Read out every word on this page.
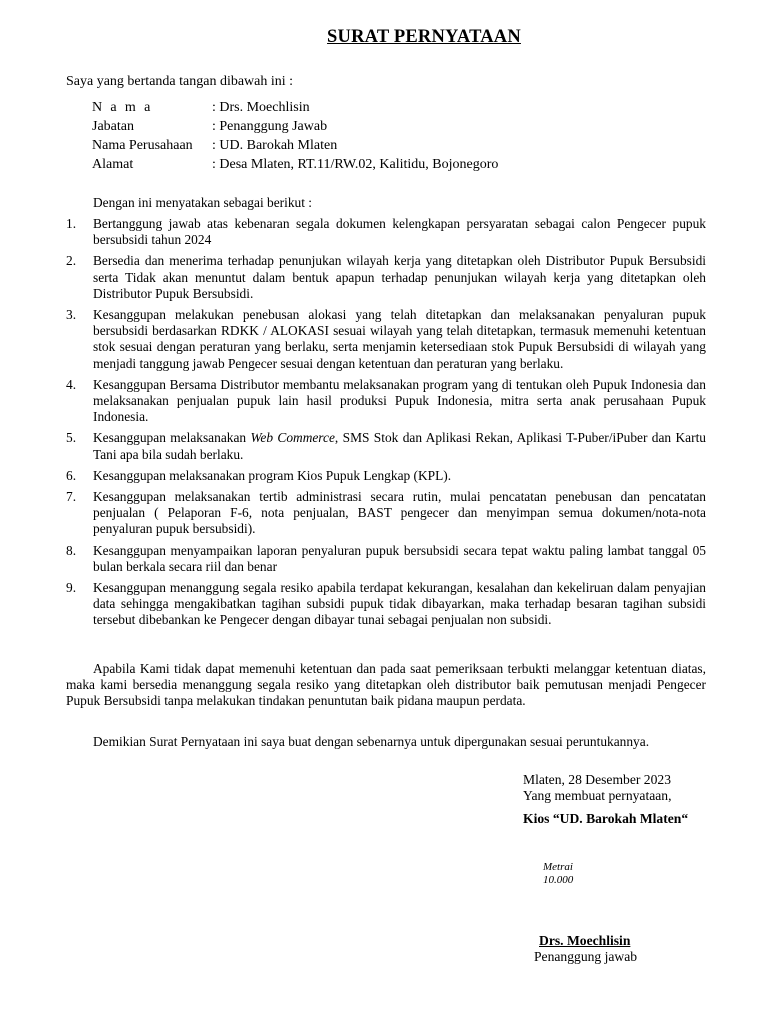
SURAT PERNYATAAN
Saya yang bertanda tangan dibawah ini :
N a m a	: Drs. Moechlisin
Jabatan	: Penanggung Jawab
Nama Perusahaan	: UD. Barokah Mlaten
Alamat	: Desa Mlaten, RT.11/RW.02, Kalitidu, Bojonegoro
Dengan ini menyatakan sebagai berikut :
1.	Bertanggung jawab atas kebenaran segala dokumen kelengkapan persyaratan sebagai calon Pengecer pupuk bersubsidi tahun 2024
2.	Bersedia dan menerima terhadap penunjukan wilayah kerja yang ditetapkan oleh Distributor Pupuk Bersubsidi serta Tidak akan menuntut dalam bentuk apapun terhadap penunjukan wilayah kerja yang ditetapkan oleh Distributor Pupuk Bersubsidi.
3.	Kesanggupan melakukan penebusan alokasi yang telah ditetapkan dan melaksanakan penyaluran pupuk bersubsidi berdasarkan RDKK / ALOKASI sesuai wilayah yang telah ditetapkan, termasuk memenuhi ketentuan stok sesuai dengan peraturan yang berlaku, serta menjamin ketersediaan stok Pupuk Bersubsidi di wilayah yang menjadi tanggung jawab Pengecer sesuai dengan ketentuan dan peraturan yang berlaku.
4.	Kesanggupan Bersama Distributor membantu melaksanakan program yang di tentukan oleh Pupuk Indonesia dan melaksanakan penjualan pupuk lain hasil produksi Pupuk Indonesia, mitra serta anak perusahaan Pupuk Indonesia.
5.	Kesanggupan melaksanakan Web Commerce, SMS Stok dan Aplikasi Rekan, Aplikasi T-Puber/iPuber dan Kartu Tani apa bila sudah berlaku.
6.	Kesanggupan melaksanakan program Kios Pupuk Lengkap (KPL).
7.	Kesanggupan melaksanakan tertib administrasi secara rutin, mulai pencatatan penebusan dan pencatatan penjualan ( Pelaporan F-6, nota penjualan, BAST pengecer dan menyimpan semua dokumen/nota-nota penyaluran pupuk bersubsidi).
8.	Kesanggupan menyampaikan laporan penyaluran pupuk bersubsidi secara tepat waktu paling lambat tanggal 05 bulan berkala secara riil dan benar
9.	Kesanggupan menanggung segala resiko apabila terdapat kekurangan, kesalahan dan kekeliruan dalam penyajian data sehingga mengakibatkan tagihan subsidi pupuk tidak dibayarkan, maka terhadap besaran tagihan subsidi tersebut dibebankan ke Pengecer dengan dibayar tunai sebagai penjualan non subsidi.
Apabila Kami tidak dapat memenuhi ketentuan dan pada saat pemeriksaan terbukti melanggar ketentuan diatas, maka kami bersedia menanggung segala resiko yang ditetapkan oleh distributor baik pemutusan menjadi Pengecer Pupuk Bersubsidi tanpa melakukan tindakan penuntutan baik pidana maupun perdata.
Demikian Surat Pernyataan ini saya buat dengan sebenarnya untuk dipergunakan sesuai peruntukannya.
Mlaten, 28 Desember 2023
Yang membuat pernyataan,
Kios “UD. Barokah Mlaten“
Metrai
10.000
Drs. Moechlisin
Penanggung jawab
